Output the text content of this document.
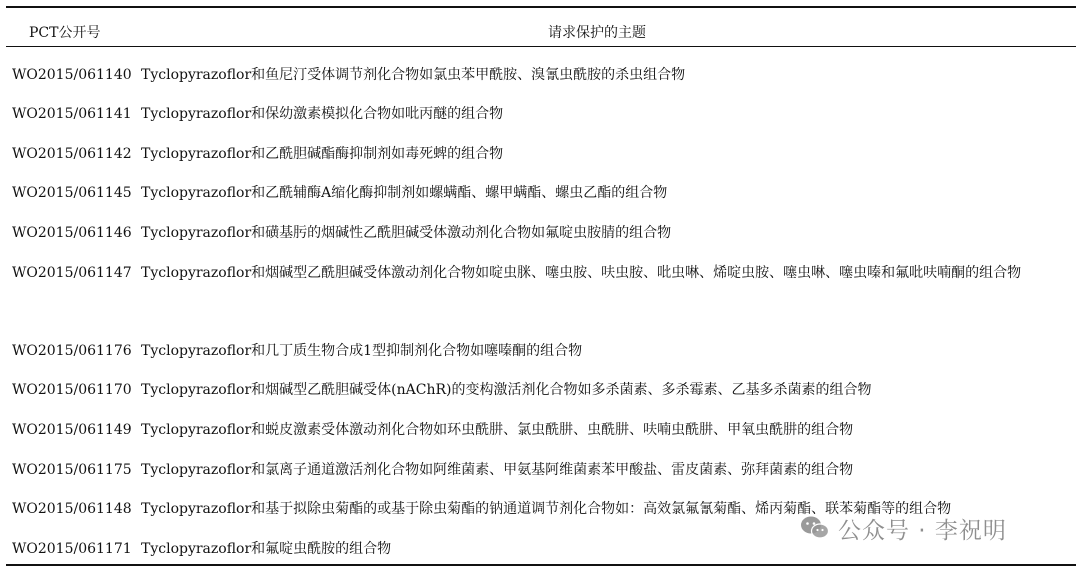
PCT公开号	请求保护的主题
WO2015/061140 Tyclopyrazoflor和鱼尼汀受体调节剂化合物如氯虫苯甲酰胺、溴氰虫酰胺的杀虫组合物
WO2015/061141 Tyclopyrazoflor和保幼激素模拟化合物如吡丙醚的组合物
WO2015/061142 Tyclopyrazoflor和乙酰胆碱酯酶抑制剂如毒死蜱的组合物
WO2015/061145 Tyclopyrazoflor和乙酰辅酶A缩化酶抑制剂如螺螨酯、螺甲螨酯、螺虫乙酯的组合物
WO2015/061146 Tyclopyrazoflor和磺基肟的烟碱性乙酰胆碱受体激动剂化合物如氟啶虫胺腈的组合物
WO2015/061147 Tyclopyrazoflor和烟碱型乙酰胆碱受体激动剂化合物如啶虫脒、噻虫胺、呋虫胺、吡虫啉、烯啶虫胺、噻虫啉、噻虫嗪和氟吡呋喃酮的组合物
WO2015/061176 Tyclopyrazoflor和几丁质生物合成1型抑制剂化合物如噻嗪酮的组合物
WO2015/061170 Tyclopyrazoflor和烟碱型乙酰胆碱受体(nAChR)的变构激活剂化合物如多杀菌素、多杀霉素、乙基多杀菌素的组合物
WO2015/061149 Tyclopyrazoflor和蜕皮激素受体激动剂化合物如环虫酰肼、氯虫酰肼、虫酰肼、呋喃虫酰肼、甲氧虫酰肼的组合物
WO2015/061175 Tyclopyrazoflor和氯离子通道激活剂化合物如阿维菌素、甲氨基阿维菌素苯甲酸盐、雷皮菌素、弥拜菌素的组合物
WO2015/061148 Tyclopyrazoflor和基于拟除虫菊酯的或基于除虫菊酯的钠通道调节剂化合物如：高效氯氟氰菊酯、烯丙菊酯、联苯菊酯等的组合物
WO2015/061171 Tyclopyrazoflor和氟啶虫酰胺的组合物
公众号 · 李祝明
